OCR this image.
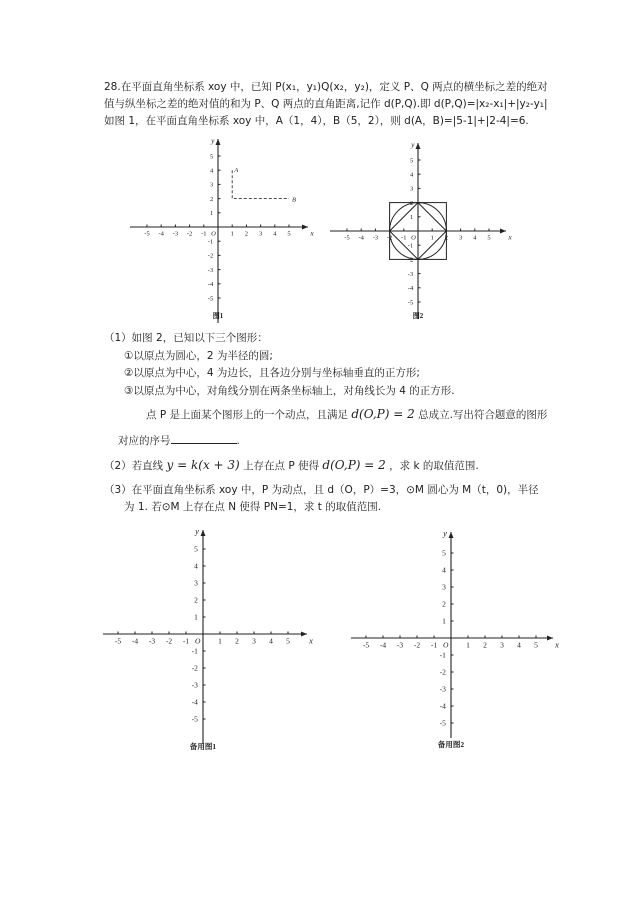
28.在平面直角坐标系 xoy 中，已知 P(x₁，y₁)Q(x₂，y₂)，定义 P、Q 两点的横坐标之差的绝对
值与纵坐标之差的绝对值的和为 P、Q 两点的直角距离,记作 d(P,Q).即 d(P,Q)=|x₂-x₁|+|y₂-y₁|
如图 1，在平面直角坐标系 xoy 中，A（1，4），B（5，2），则 d(A，B)=|5-1|+|2-4|=6.
（1）如图 2，已知以下三个图形：
①以原点为圆心，2 为半径的圆;
②以原点为中心，4 为边长，且各边分别与坐标轴垂直的正方形;
③以原点为中心，对角线分别在两条坐标轴上，对角线长为 4 的正方形.
点 P 是上面某个图形上的一个动点，且满足 d(O,P) = 2 总成立.写出符合题意的图形
对应的序号	.
（2）若直线 y = k(x + 3) 上存在点 P 使得 d(O,P) = 2 ，求 k 的取值范围.
（3）在平面直角坐标系 xoy 中，P 为动点，且 d（O，P）=3，⊙M 圆心为 M（t，0)，半径
为 1. 若⊙M 上存在点 N 使得 PN=1，求 t 的取值范围.
-5
-5
-4
-4
-3
-3
-2
-2
-1
-1
1
1
2
2
3
3
4
4
5
5
x
y
O
A
B
图1
-5
-5
-4
-4
-3
-3
-2
-2
-1
-1
1
1
2
2
3
3
4
4
5
5
x
y
O
图2
-5
-5
-4
-4
-3
-3
-2
-2
-1
-1
1
1
2
2
3
3
4
4
5
5
x
y
O
备用图1
-5
-5
-4
-4
-3
-3
-2
-2
-1
-1
1
1
2
2
3
3
4
4
5
5
x
y
O
备用图2
